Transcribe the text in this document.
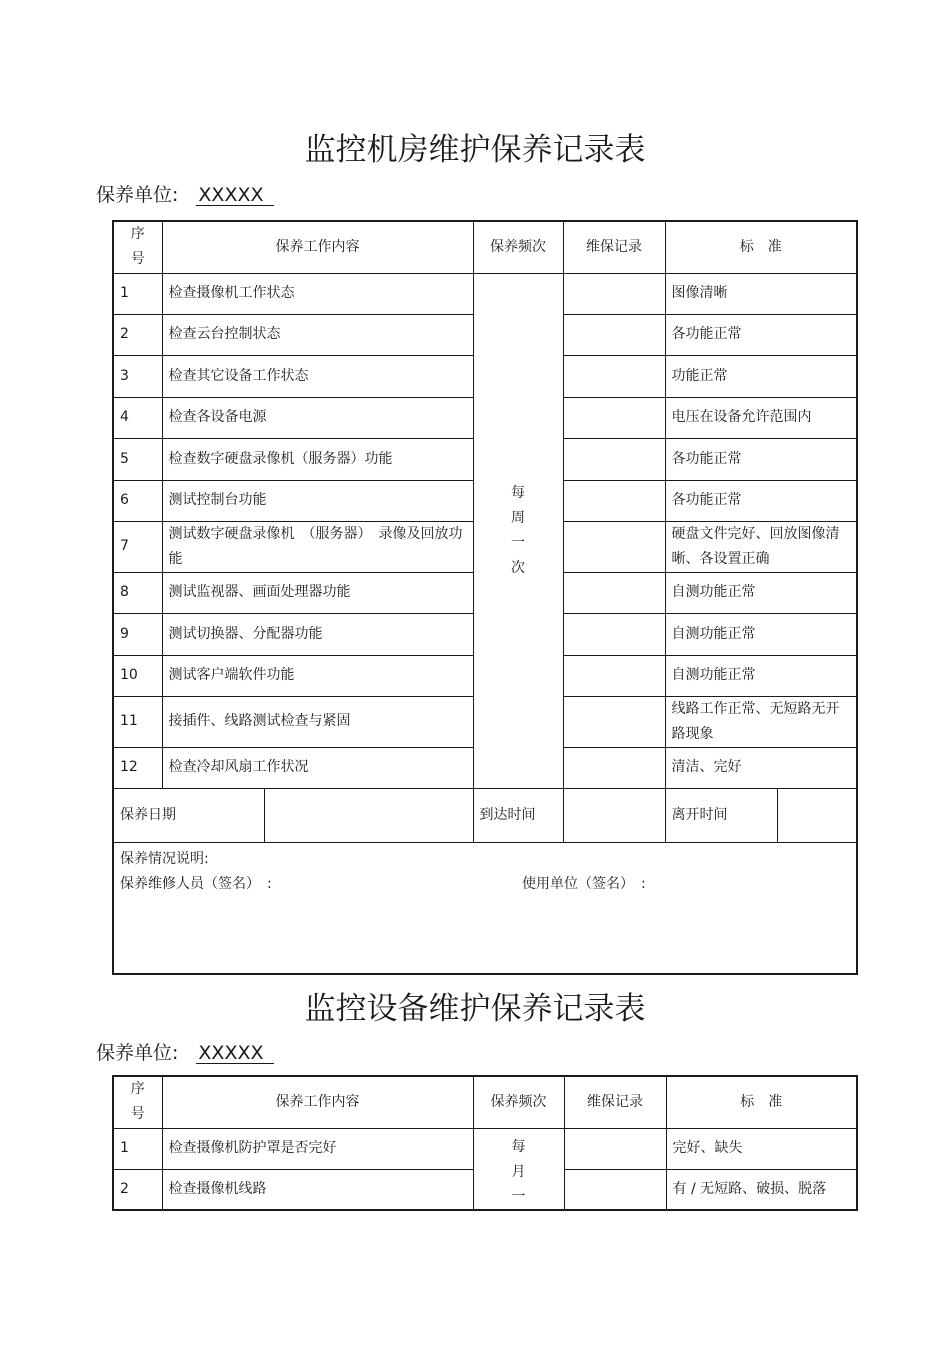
监控机房维护保养记录表
保养单位: XXXXX
序
号	保养工作内容		保养频次	维保记录	标　准	
1	检查摄像机工作状态		每
周
一
次		图像清晰	
2	检查云台控制状态				各功能正常	
3	检查其它设备工作状态				功能正常	
4	检查各设备电源				电压在设备允许范围内	
5	检查数字硬盘录像机（服务器）功能				各功能正常	
6	测试控制台功能				各功能正常	
7	测试数字硬盘录像机　（服务器）　录像及回放功能				硬盘文件完好、回放图像清晰、各设置正确	
8	测试监视器、画面处理器功能				自测功能正常	
9	测试切换器、分配器功能				自测功能正常	
10	测试客户端软件功能				自测功能正常	
11	接插件、线路测试检查与紧固				线路工作正常、无短路无开路现象	
12	检查冷却风扇工作状况				清洁、完好	
保养日期			到达时间		离开时间	

保养情况说明:
保养维修人员（签名）　: 使用单位（签名）　:						
监控设备维护保养记录表
保养单位: XXXXX
序
号	保养工作内容	保养频次	维保记录	标　准
1	检查摄像机防护罩是否完好	每
月
一		完好、缺失
2	检查摄像机线路			有 / 无短路、破损、脱落
